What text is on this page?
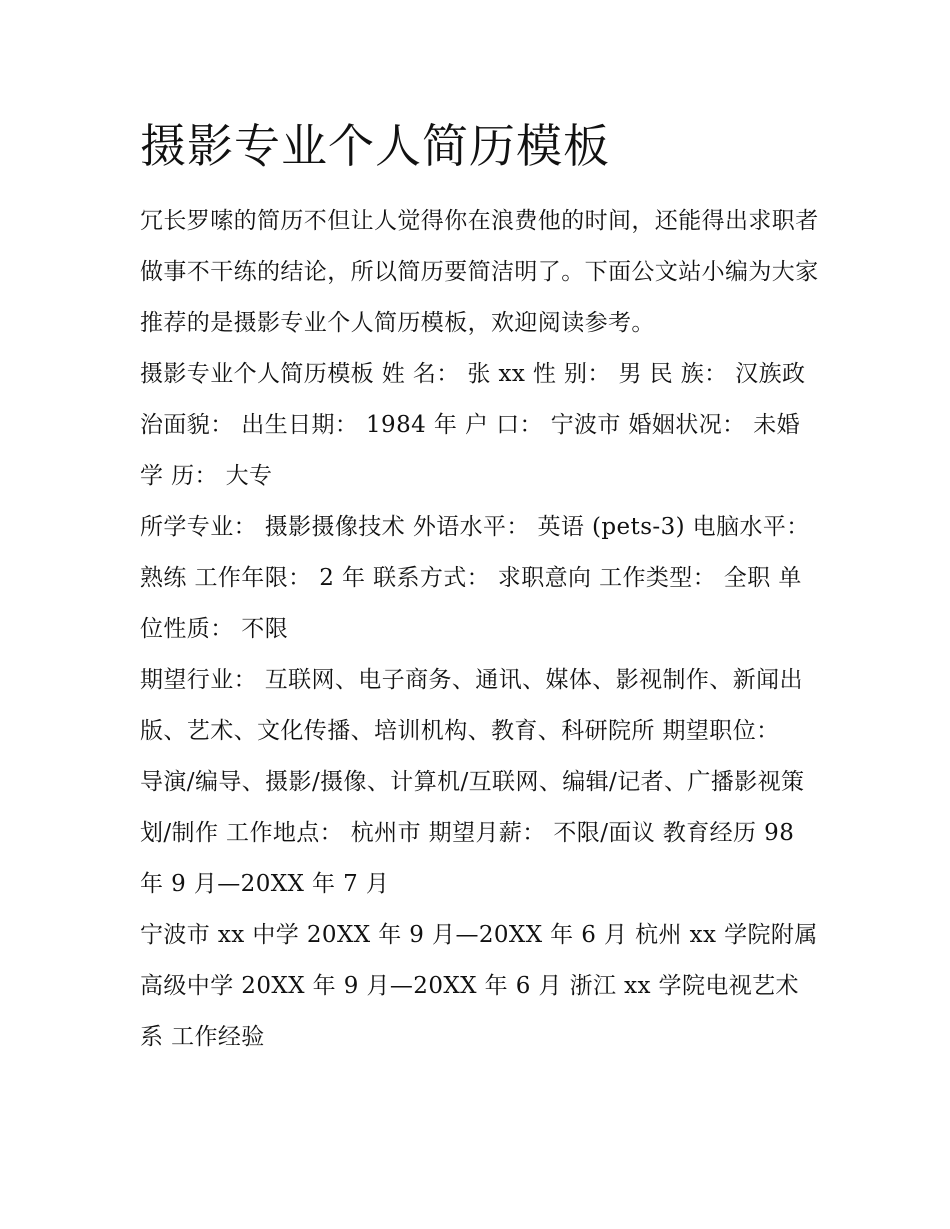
摄影专业个人简历模板

冗长罗嗦的简历不但让人觉得你在浪费他的时间，还能得出求职者做事不干练的结论，所以简历要简洁明了。下面公文站小编为大家推荐的是摄影专业个人简历模板，欢迎阅读参考。

摄影专业个人简历模板 姓 名： 张 xx 性 别： 男 民 族： 汉族政治面貌： 出生日期： 1984 年 户 口： 宁波市 婚姻状况： 未婚 学 历： 大专

所学专业： 摄影摄像技术 外语水平： 英语 (pets-3) 电脑水平： 熟练 工作年限： 2 年 联系方式： 求职意向 工作类型： 全职 单位性质： 不限

期望行业： 互联网、电子商务、通讯、媒体、影视制作、新闻出版、艺术、文化传播、培训机构、教育、科研院所 期望职位：

导演/编导、摄影/摄像、计算机/互联网、编辑/记者、广播影视策划/制作 工作地点： 杭州市 期望月薪： 不限/面议 教育经历 98 年 9 月—20XX 年 7 月

宁波市 xx 中学 20XX 年 9 月—20XX 年 6 月 杭州 xx 学院附属高级中学 20XX 年 9 月—20XX 年 6 月 浙江 xx 学院电视艺术系 工作经验
